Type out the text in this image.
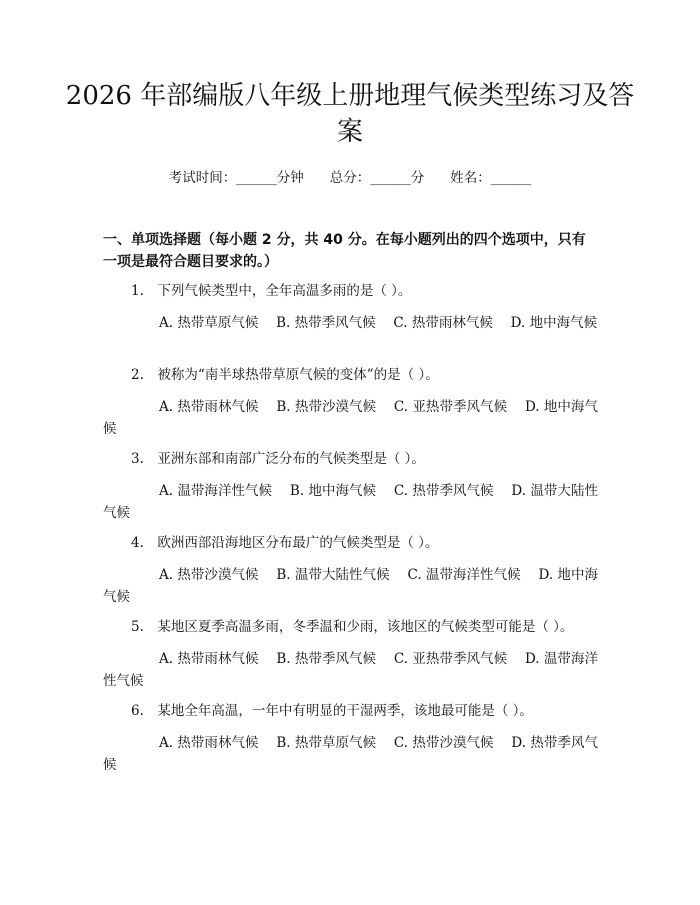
2026 年部编版八年级上册地理气候类型练习及答案
考试时间：______分钟 总分：______分 姓名：______

一、单项选择题（每小题 2 分，共 40 分。在每小题列出的四个选项中，只有一项是最符合题目要求的。）

1.　下列气候类型中，全年高温多雨的是（ ）。

A. 热带草原气候　 B. 热带季风气候　 C. 热带雨林气候　 D. 地中海气候

2.　被称为“南半球热带草原气候的变体”的是（ ）。

A. 热带雨林气候　 B. 热带沙漠气候　 C. 亚热带季风气候　 D. 地中海气候

3.　亚洲东部和南部广泛分布的气候类型是（ ）。

A. 温带海洋性气候　 B. 地中海气候　 C. 热带季风气候　 D. 温带大陆性气候

4.　欧洲西部沿海地区分布最广的气候类型是（ ）。

A. 热带沙漠气候　 B. 温带大陆性气候　 C. 温带海洋性气候　 D. 地中海气候

5.　某地区夏季高温多雨，冬季温和少雨，该地区的气候类型可能是（ ）。

A. 热带雨林气候　 B. 热带季风气候　 C. 亚热带季风气候　 D. 温带海洋性气候

6.　某地全年高温，一年中有明显的干湿两季，该地最可能是（ ）。

A. 热带雨林气候　 B. 热带草原气候　 C. 热带沙漠气候　 D. 热带季风气候
